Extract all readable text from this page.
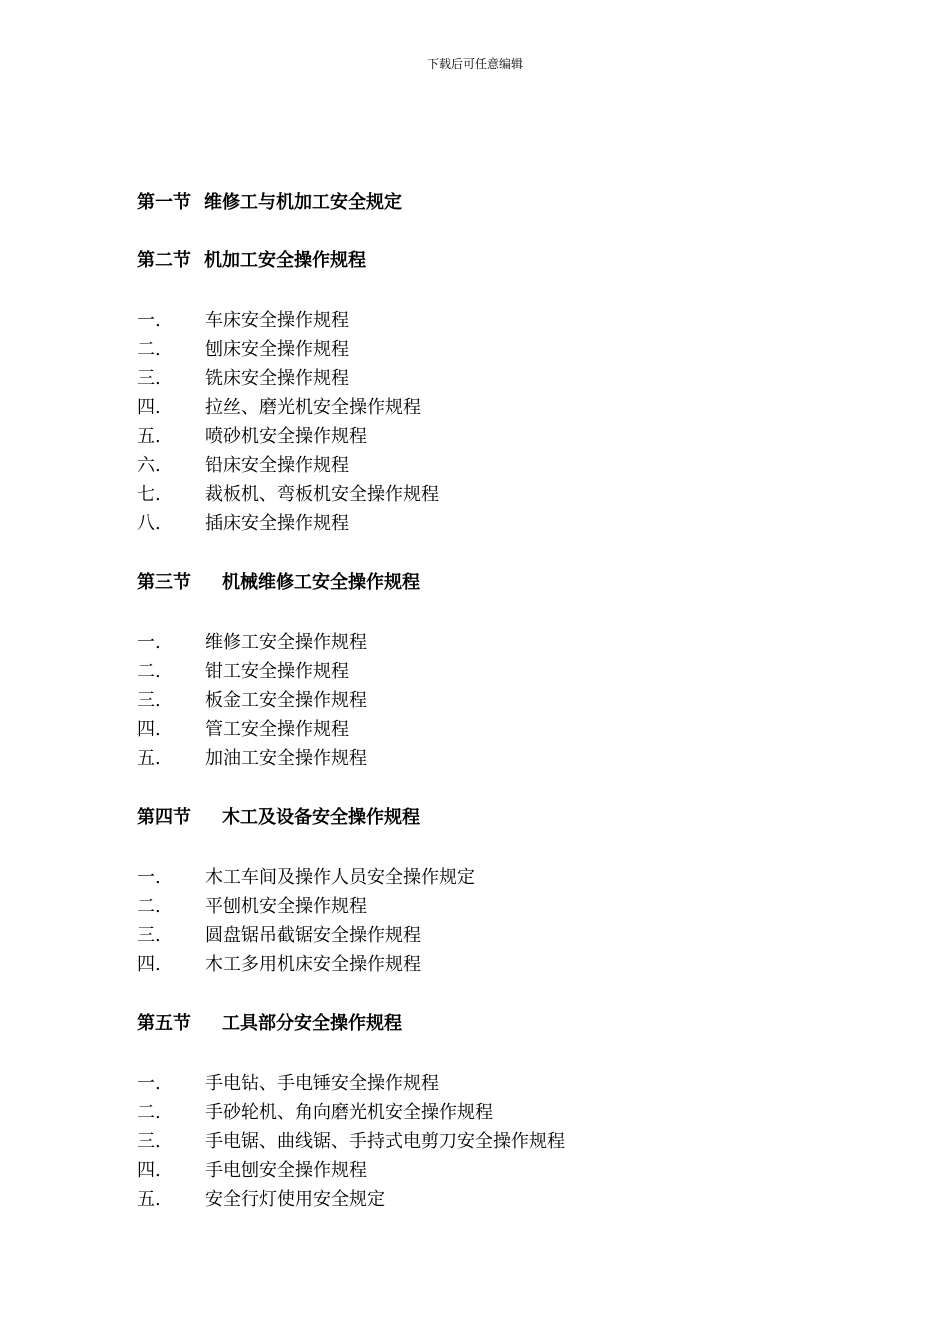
下载后可任意编辑
第一节 维修工与机加工安全规定
第二节 机加工安全操作规程
一. 车床安全操作规程
二. 刨床安全操作规程
三. 铣床安全操作规程
四. 拉丝、磨光机安全操作规程
五. 喷砂机安全操作规程
六. 铅床安全操作规程
七. 裁板机、弯板机安全操作规程
八. 插床安全操作规程
第三节 机械维修工安全操作规程
一. 维修工安全操作规程
二. 钳工安全操作规程
三. 板金工安全操作规程
四. 管工安全操作规程
五. 加油工安全操作规程
第四节 木工及设备安全操作规程
一. 木工车间及操作人员安全操作规定
二. 平刨机安全操作规程
三. 圆盘锯吊截锯安全操作规程
四. 木工多用机床安全操作规程
第五节 工具部分安全操作规程
一. 手电钻、手电锤安全操作规程
二. 手砂轮机、角向磨光机安全操作规程
三. 手电锯、曲线锯、手持式电剪刀安全操作规程
四. 手电刨安全操作规程
五. 安全行灯使用安全规定
